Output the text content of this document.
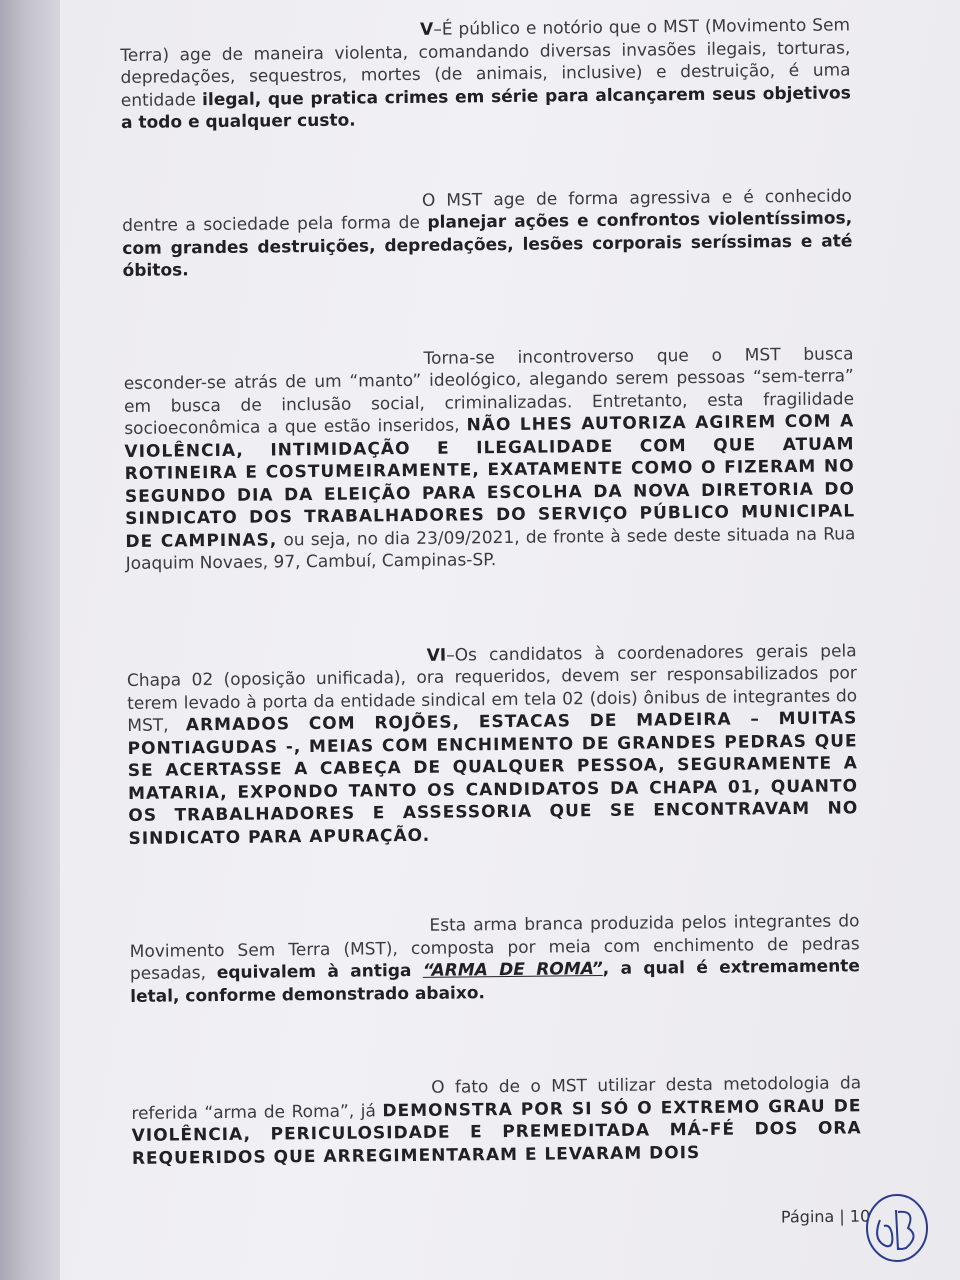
V–É público e notório que o MST (Movimento Sem Terra) age de maneira violenta, comandando diversas invasões ilegais, torturas, depredações, sequestros, mortes (de animais, inclusive) e destruição, é uma entidade ilegal, que pratica crimes em série para alcançarem seus objetivos a todo e qualquer custo.

O MST age de forma agressiva e é conhecido dentre a sociedade pela forma de planejar ações e confrontos violentíssimos, com grandes destruições, depredações, lesões corporais seríssimas e até óbitos.

Torna-se incontroverso que o MST busca esconder-se atrás de um “manto” ideológico, alegando serem pessoas “sem-terra” em busca de inclusão social, criminalizadas. Entretanto, esta fragilidade socioeconômica a que estão inseridos, NÃO LHES AUTORIZA AGIREM COM A VIOLÊNCIA, INTIMIDAÇÃO E ILEGALIDADE COM QUE ATUAM ROTINEIRA E COSTUMEIRAMENTE, EXATAMENTE COMO O FIZERAM NO SEGUNDO DIA DA ELEIÇÃO PARA ESCOLHA DA NOVA DIRETORIA DO SINDICATO DOS TRABALHADORES DO SERVIÇO PÚBLICO MUNICIPAL DE CAMPINAS, ou seja, no dia 23/09/2021, de fronte à sede deste situada na Rua Joaquim Novaes, 97, Cambuí, Campinas-SP.

VI–Os candidatos à coordenadores gerais pela Chapa 02 (oposição unificada), ora requeridos, devem ser responsabilizados por terem levado à porta da entidade sindical em tela 02 (dois) ônibus de integrantes do MST, ARMADOS COM ROJÕES, ESTACAS DE MADEIRA – MUITAS PONTIAGUDAS -, MEIAS COM ENCHIMENTO DE GRANDES PEDRAS QUE SE ACERTASSE A CABEÇA DE QUALQUER PESSOA, SEGURAMENTE A MATARIA, EXPONDO TANTO OS CANDIDATOS DA CHAPA 01, QUANTO OS TRABALHADORES E ASSESSORIA QUE SE ENCONTRAVAM NO SINDICATO PARA APURAÇÃO.

Esta arma branca produzida pelos integrantes do Movimento Sem Terra (MST), composta por meia com enchimento de pedras pesadas, equivalem à antiga “ARMA DE ROMA”, a qual é extremamente letal, conforme demonstrado abaixo.

O fato de o MST utilizar desta metodologia da referida “arma de Roma”, já DEMONSTRA POR SI SÓ O EXTREMO GRAU DE VIOLÊNCIA, PERICULOSIDADE E PREMEDITADA MÁ-FÉ DOS ORA REQUERIDOS QUE ARREGIMENTARAM E LEVARAM DOIS

Página | 10
